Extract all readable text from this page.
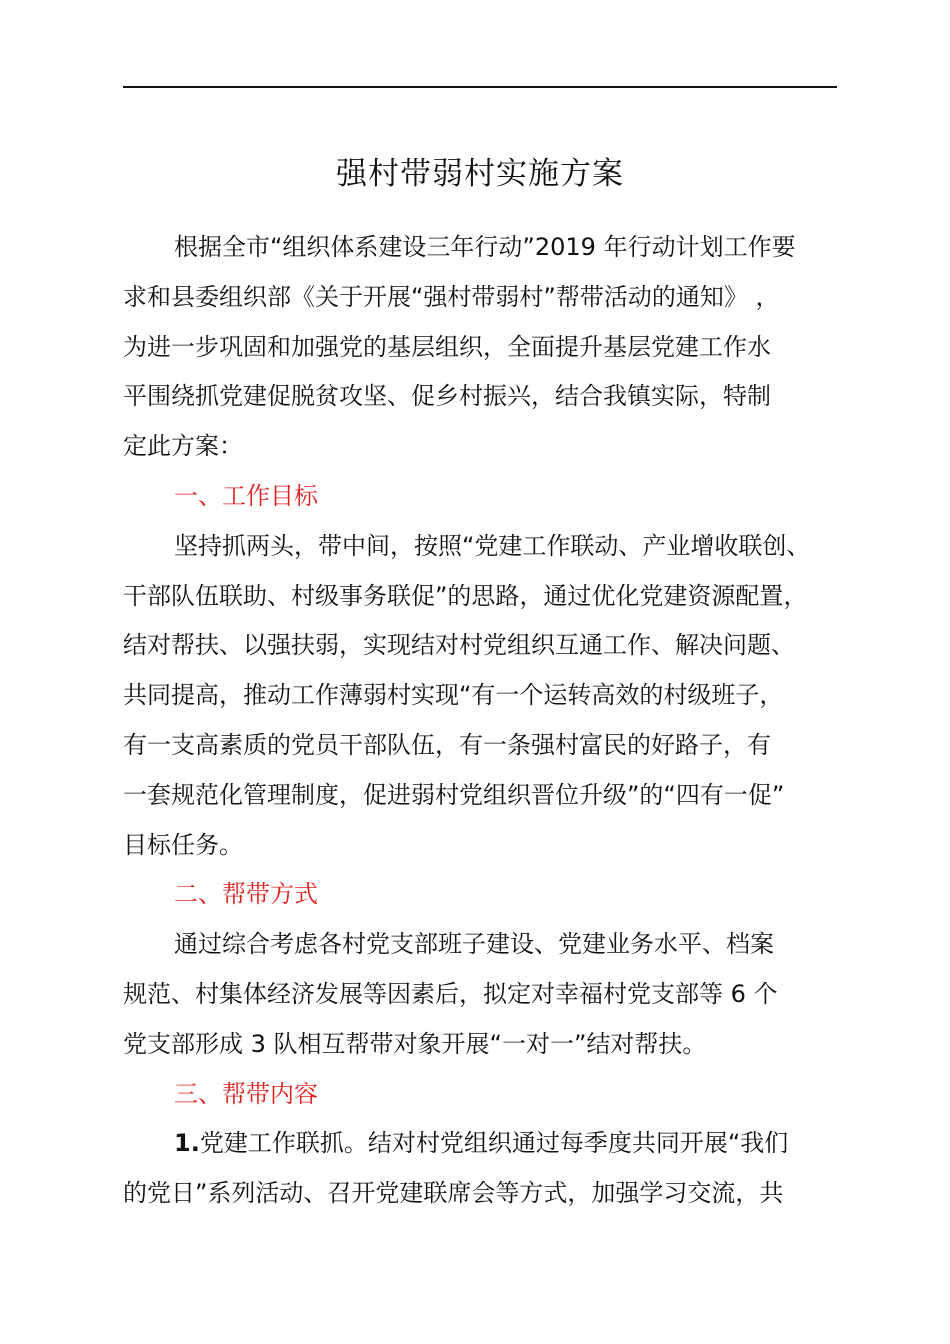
强村带弱村实施方案
根据全市“组织体系建设三年行动”2019 年行动计划工作要
求和县委组织部《关于开展“强村带弱村”帮带活动的通知》 ，
为进一步巩固和加强党的基层组织，全面提升基层党建工作水
平围绕抓党建促脱贫攻坚、促乡村振兴，结合我镇实际，特制
定此方案：
一、工作目标
坚持抓两头，带中间，按照“党建工作联动、产业增收联创、
干部队伍联助、村级事务联促”的思路，通过优化党建资源配置，
结对帮扶、以强扶弱，实现结对村党组织互通工作、解决问题、
共同提高，推动工作薄弱村实现“有一个运转高效的村级班子，
有一支高素质的党员干部队伍，有一条强村富民的好路子，有
一套规范化管理制度，促进弱村党组织晋位升级”的“四有一促”
目标任务。
二、帮带方式
通过综合考虑各村党支部班子建设、党建业务水平、档案
规范、村集体经济发展等因素后，拟定对幸福村党支部等 6 个
党支部形成 3 队相互帮带对象开展“一对一”结对帮扶。
三、帮带内容
1.党建工作联抓。结对村党组织通过每季度共同开展“我们
的党日”系列活动、召开党建联席会等方式，加强学习交流，共
